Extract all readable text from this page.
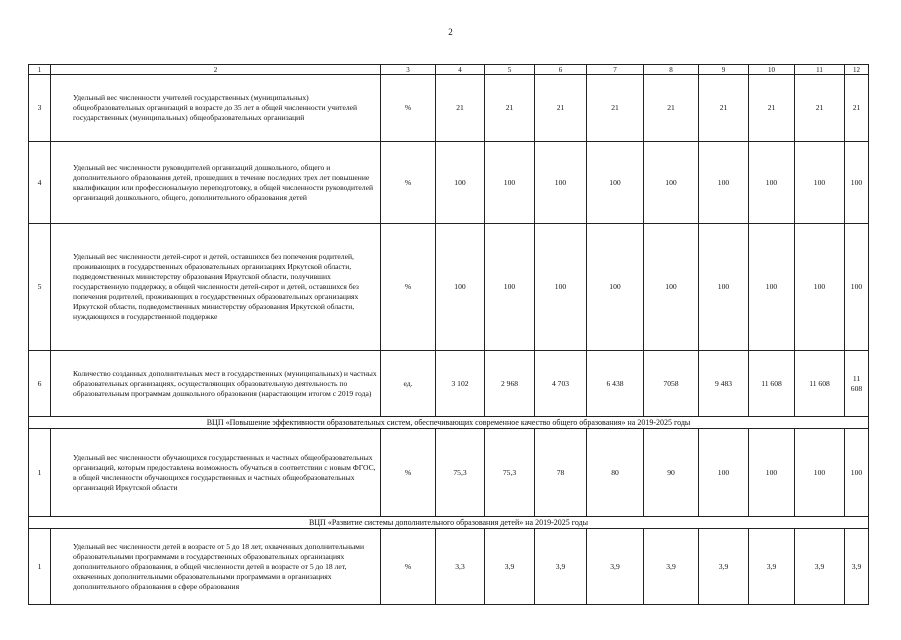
2
1	2	3	4	5	6	7	8	9	10	11	12
3	Удельный вес численности учителей государственных (муниципальных) общеобразовательных организаций в возрасте до 35 лет в общей численности учителей государственных (муниципальных) общеобразовательных организаций	%	21	21	21	21	21	21	21	21	21
4	Удельный вес численности руководителей организаций дошкольного, общего и дополнительного образования детей, прошедших в течение последних трех лет повышение квалификации или профессиональную переподготовку, в общей численности руководителей организаций дошкольного, общего, дополнительного образования детей	%	100	100	100	100	100	100	100	100	100
5	Удельный вес численности детей-сирот и детей, оставшихся без попечения родителей, проживающих в государственных образовательных организациях Иркутской области, подведомственных министерству образования Иркутской области, получивших государственную поддержку, в общей численности детей-сирот и детей, оставшихся без попечения родителей, проживающих в государственных образовательных организациях Иркутской области, подведомственных министерству образования Иркутской области, нуждающихся в государственной поддержке	%	100	100	100	100	100	100	100	100	100
6	Количество созданных дополнительных мест в государственных (муниципальных) и частных образовательных организациях, осуществляющих образовательную деятельность по образовательным программам дошкольного образования (нарастающим итогом с 2019 года)	ед.	3 102	2 968	4 703	6 438	7058	9 483	11 608	11 608	11 608
ВЦП «Повышение эффективности образовательных систем, обеспечивающих современное качество общего образования» на 2019-2025 годы											
1	Удельный вес численности обучающихся государственных и частных общеобразовательных организаций, которым предоставлена возможность обучаться в соответствии с новым ФГОС, в общей численности обучающихся государственных и частных общеобразовательных организаций Иркутской области	%	75,3	75,3	78	80	90	100	100	100	100
ВЦП «Развитие системы дополнительного образования детей» на 2019-2025 годы											
1	Удельный вес численности детей в возрасте от 5 до 18 лет, охваченных дополнительными образовательными программами в государственных образовательных организациях дополнительного образования, в общей численности детей в возрасте от 5 до 18 лет, охваченных дополнительными образовательными программами в организациях дополнительного образования в сфере образования	%	3,3	3,9	3,9	3,9	3,9	3,9	3,9	3,9	3,9
